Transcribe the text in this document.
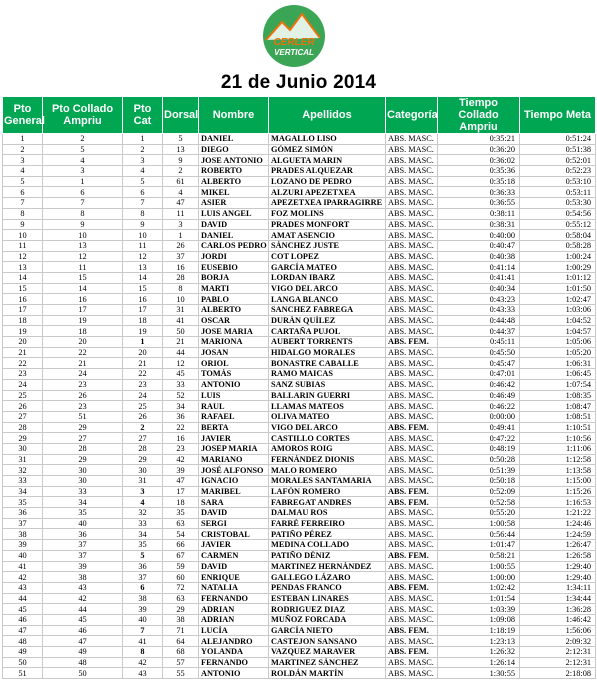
CERLER
VERTICAL
21 de Junio 2014
Pto General	Pto Collado Ampriu	Pto Cat	Dorsal	Nombre	Apellidos	Categoría	Tiempo Collado Ampriu	Tiempo Meta
1	2	1	5	DANIEL	MAGALLO LISO	ABS. MASC.	0:35:21	0:51:24
2	5	2	13	DIEGO	GÓMEZ SIMÓN	ABS. MASC.	0:36:20	0:51:38
3	4	3	9	JOSE ANTONIO	ALGUETA MARIN	ABS. MASC.	0:36:02	0:52:01
4	3	4	2	ROBERTO	PRADES ALQUEZAR	ABS. MASC.	0:35:36	0:52:23
5	1	5	61	ALBERTO	LOZANO DE PEDRO	ABS. MASC.	0:35:18	0:53:10
6	6	6	4	MIKEL	ALZURI APEZETXEA	ABS. MASC.	0:36:33	0:53:11
7	7	7	47	ASIER	APEZETXEA IPARRAGIRRE	ABS. MASC.	0:36:55	0:53:30
8	8	8	11	LUIS ANGEL	FOZ MOLINS	ABS. MASC.	0:38:11	0:54:56
9	9	9	3	DAVID	PRADES MONFORT	ABS. MASC.	0:38:31	0:55:12
10	10	10	1	DANIEL	AMAT ASENCIO	ABS. MASC.	0:40:00	0:58:04
11	13	11	26	CARLOS PEDRO	SÁNCHEZ JUSTE	ABS. MASC.	0:40:47	0:58:28
12	12	12	37	JORDI	COT LOPEZ	ABS. MASC.	0:40:38	1:00:24
13	11	13	16	EUSEBIO	GARCÍA MATEO	ABS. MASC.	0:41:14	1:00:29
14	15	14	28	BORJA	LORDAN IBARZ	ABS. MASC.	0:41:41	1:01:12
15	14	15	8	MARTI	VIGO DEL ARCO	ABS. MASC.	0:40:34	1:01:50
16	16	16	10	PABLO	LANGA BLANCO	ABS. MASC.	0:43:23	1:02:47
17	17	17	31	ALBERTO	SANCHEZ FABREGA	ABS. MASC.	0:43:33	1:03:06
18	19	18	41	OSCAR	DURÁN QUÍLEZ	ABS. MASC.	0:44:48	1:04:52
19	18	19	50	JOSE MARIA	CARTAÑA PUJOL	ABS. MASC.	0:44:37	1:04:57
20	20	1	21	MARIONA	AUBERT TORRENTS	ABS. FEM.	0:45:11	1:05:06
21	22	20	44	JOSAN	HIDALGO MORALES	ABS. MASC.	0:45:50	1:05:20
22	21	21	12	ORIOL	BONASTRE CABALLE	ABS. MASC.	0:45:47	1:06:31
23	24	22	45	TOMÁS	RAMO MAICAS	ABS. MASC.	0:47:01	1:06:45
24	23	23	33	ANTONIO	SANZ SUBIAS	ABS. MASC.	0:46:42	1:07:54
25	26	24	52	LUIS	BALLARIN GUERRI	ABS. MASC.	0:46:49	1:08:35
26	23	25	34	RAUL	LLAMAS MATEOS	ABS. MASC.	0:46:22	1:08:47
27	51	26	36	RAFAEL	OLIVA MATEO	ABS. MASC.	0:00:00	1:08:51
28	29	2	22	BERTA	VIGO DEL ARCO	ABS. FEM.	0:49:41	1:10:51
29	27	27	16	JAVIER	CASTILLO CORTES	ABS. MASC.	0:47:22	1:10:56
30	28	28	23	JOSEP MARIA	AMOROS ROIG	ABS. MASC.	0:48:19	1:11:06
31	29	29	42	MARIANO	FERNÁNDEZ DIONIS	ABS. MASC.	0:50:28	1:12:58
32	30	30	39	JOSÉ ALFONSO	MALO ROMERO	ABS. MASC.	0:51:39	1:13:58
33	30	31	47	IGNACIO	MORALES SANTAMARIA	ABS. MASC.	0:50:18	1:15:00
34	33	3	17	MARIBEL	LAFÓN ROMERO	ABS. FEM.	0:52:09	1:15:26
35	34	4	18	SARA	FABREGAT ANDRES	ABS. FEM.	0:52:58	1:16:53
36	35	32	35	DAVID	DALMAU ROS	ABS. MASC.	0:55:20	1:21:22
37	40	33	63	SERGI	FARRÉ FERREIRO	ABS. MASC.	1:00:58	1:24:46
38	36	34	54	CRISTOBAL	PATIÑO PÉREZ	ABS. MASC.	0:56:44	1:24:59
39	37	35	66	JAVIER	MEDINA COLLADO	ABS. MASC.	1:01:47	1:26:47
40	37	5	67	CARMEN	PATIÑO DÉNIZ	ABS. FEM.	0:58:21	1:26:58
41	39	36	59	DAVID	MARTINEZ HERNÁNDEZ	ABS. MASC.	1:00:55	1:29:40
42	38	37	60	ENRIQUE	GALLEGO LÁZARO	ABS. MASC.	1:00:00	1:29:40
43	43	6	72	NATALIA	PENDAS FRANCO	ABS. FEM.	1:02:42	1:34:11
44	42	38	63	FERNANDO	ESTEBAN LINARES	ABS. MASC.	1:01:54	1:34:44
45	44	39	29	ADRIAN	RODRIGUEZ DIAZ	ABS. MASC.	1:03:39	1:36:28
46	45	40	38	ADRIAN	MUÑOZ FORCADA	ABS. MASC.	1:09:08	1:46:42
47	46	7	71	LUCÍA	GARCÍA NIETO	ABS. FEM.	1:18:19	1:56:06
48	47	41	64	ALEJANDRO	CASTEJON SANSANO	ABS. MASC.	1:23:13	2:09:32
49	49	8	68	YOLANDA	VAZQUEZ MARAVER	ABS. FEM.	1:26:32	2:12:31
50	48	42	57	FERNANDO	MARTINEZ SÁNCHEZ	ABS. MASC.	1:26:14	2:12:31
51	50	43	55	ANTONIO	ROLDÁN MARTÍN	ABS. MASC.	1:30:55	2:18:08
